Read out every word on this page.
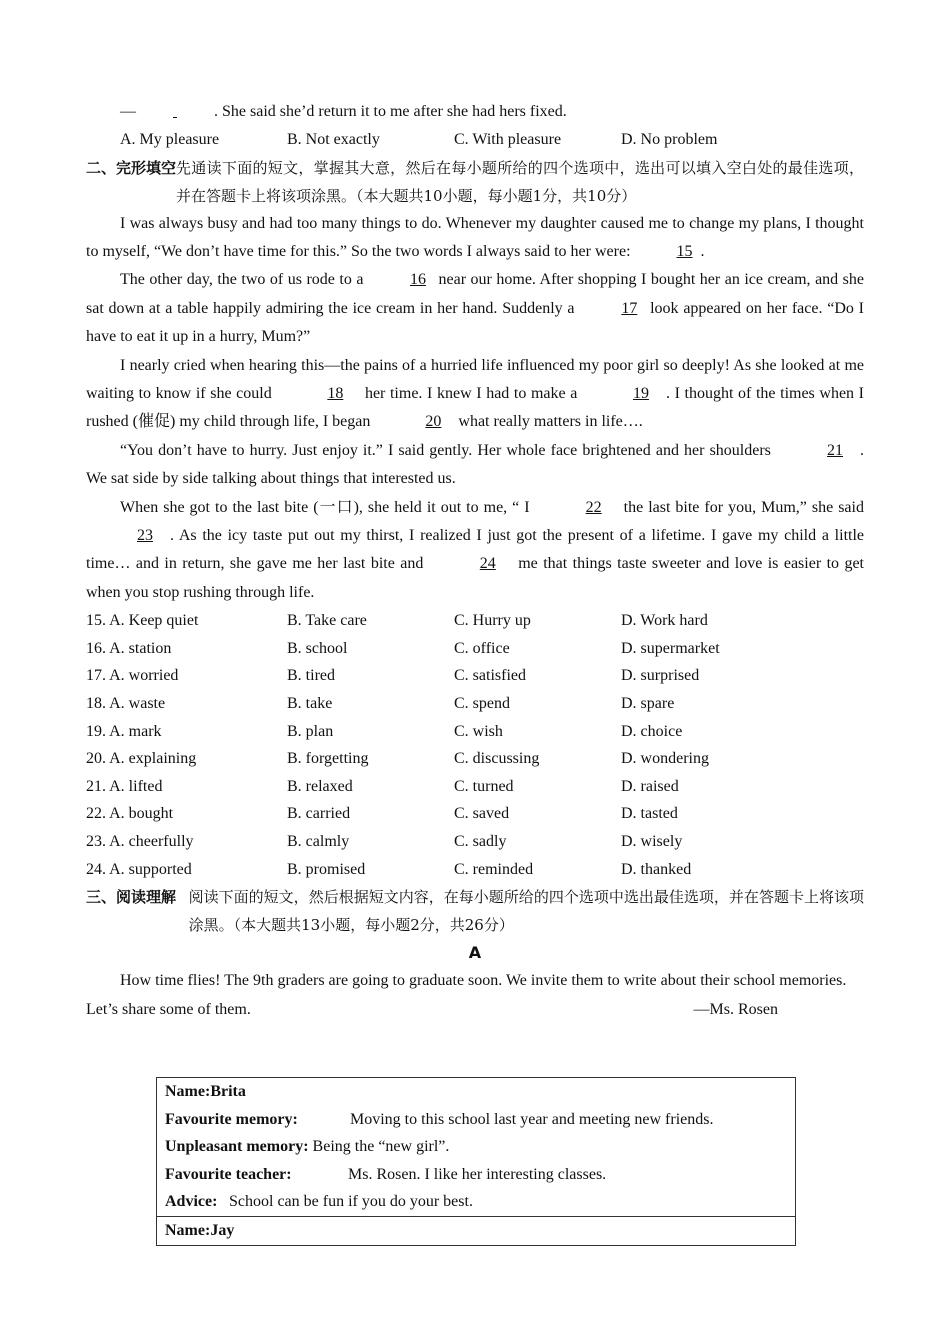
—	. She said she’d return it to me after she had hers fixed.

A. My pleasure	B. Not exactly	C. With pleasure	D. No problem
二、完形填空 先通读下面的短文，掌握其大意，然后在每小题所给的四个选项中，选出可以填入空白处的最佳选项，并在答题卡上将该项涂黑。（本大题共10小题，每小题1分，共10分）

I was always busy and had too many things to do. Whenever my daughter caused me to change my plans, I thought to myself, “We don’t have time for this.” So the two words I always said to her were:	15 .

The other day, the two of us rode to a	16 near our home. After shopping I bought her an ice cream, and she sat down at a table happily admiring the ice cream in her hand. Suddenly a	17 look appeared on her face. “Do I have to eat it up in a hurry, Mum?”

I nearly cried when hearing this—the pains of a hurried life influenced my poor girl so deeply! As she looked at me waiting to know if she could	18 her time. I knew I had to make a	19 . I thought of the times when I rushed (催促) my child through life, I began	20 what really matters in life….

“You don’t have to hurry. Just enjoy it.” I said gently. Her whole face brightened and her shoulders	21 . We sat side by side talking about things that interested us.

When she got to the last bite (一口), she held it out to me, “ I	22 the last bite for you, Mum,” she said 23 . As the icy taste put out my thirst, I realized I just got the present of a lifetime. I gave my child a little time… and in return, she gave me her last bite and	24 me that things taste sweeter and love is easier to get when you stop rushing through life.

15. A. Keep quiet	B. Take care	C. Hurry up	D. Work hard
16. A. station	B. school	C. office	D. supermarket
17. A. worried	B. tired	C. satisfied	D. surprised
18. A. waste	B. take	C. spend	D. spare
19. A. mark	B. plan	C. wish	D. choice
20. A. explaining	B. forgetting	C. discussing	D. wondering
21. A. lifted	B. relaxed	C. turned	D. raised
22. A. bought	B. carried	C. saved	D. tasted
23. A. cheerfully	B. calmly	C. sadly	D. wisely
24. A. supported	B. promised	C. reminded	D. thanked
三、阅读理解 阅读下面的短文，然后根据短文内容，在每小题所给的四个选项中选出最佳选项，并在答题卡上将该项涂黑。（本大题共13小题，每小题2分，共26分）
A

How time flies! The 9th graders are going to graduate soon. We invite them to write about their school memories.

Let’s share some of them.	—Ms. Rosen
Name:Brita
Favourite memory:	Moving to this school last year and meeting new friends.
Unpleasant memory: Being the “new girl”.
Favourite teacher:	Ms. Rosen. I like her interesting classes.
Advice: School can be fun if you do your best.
Name:Jay
